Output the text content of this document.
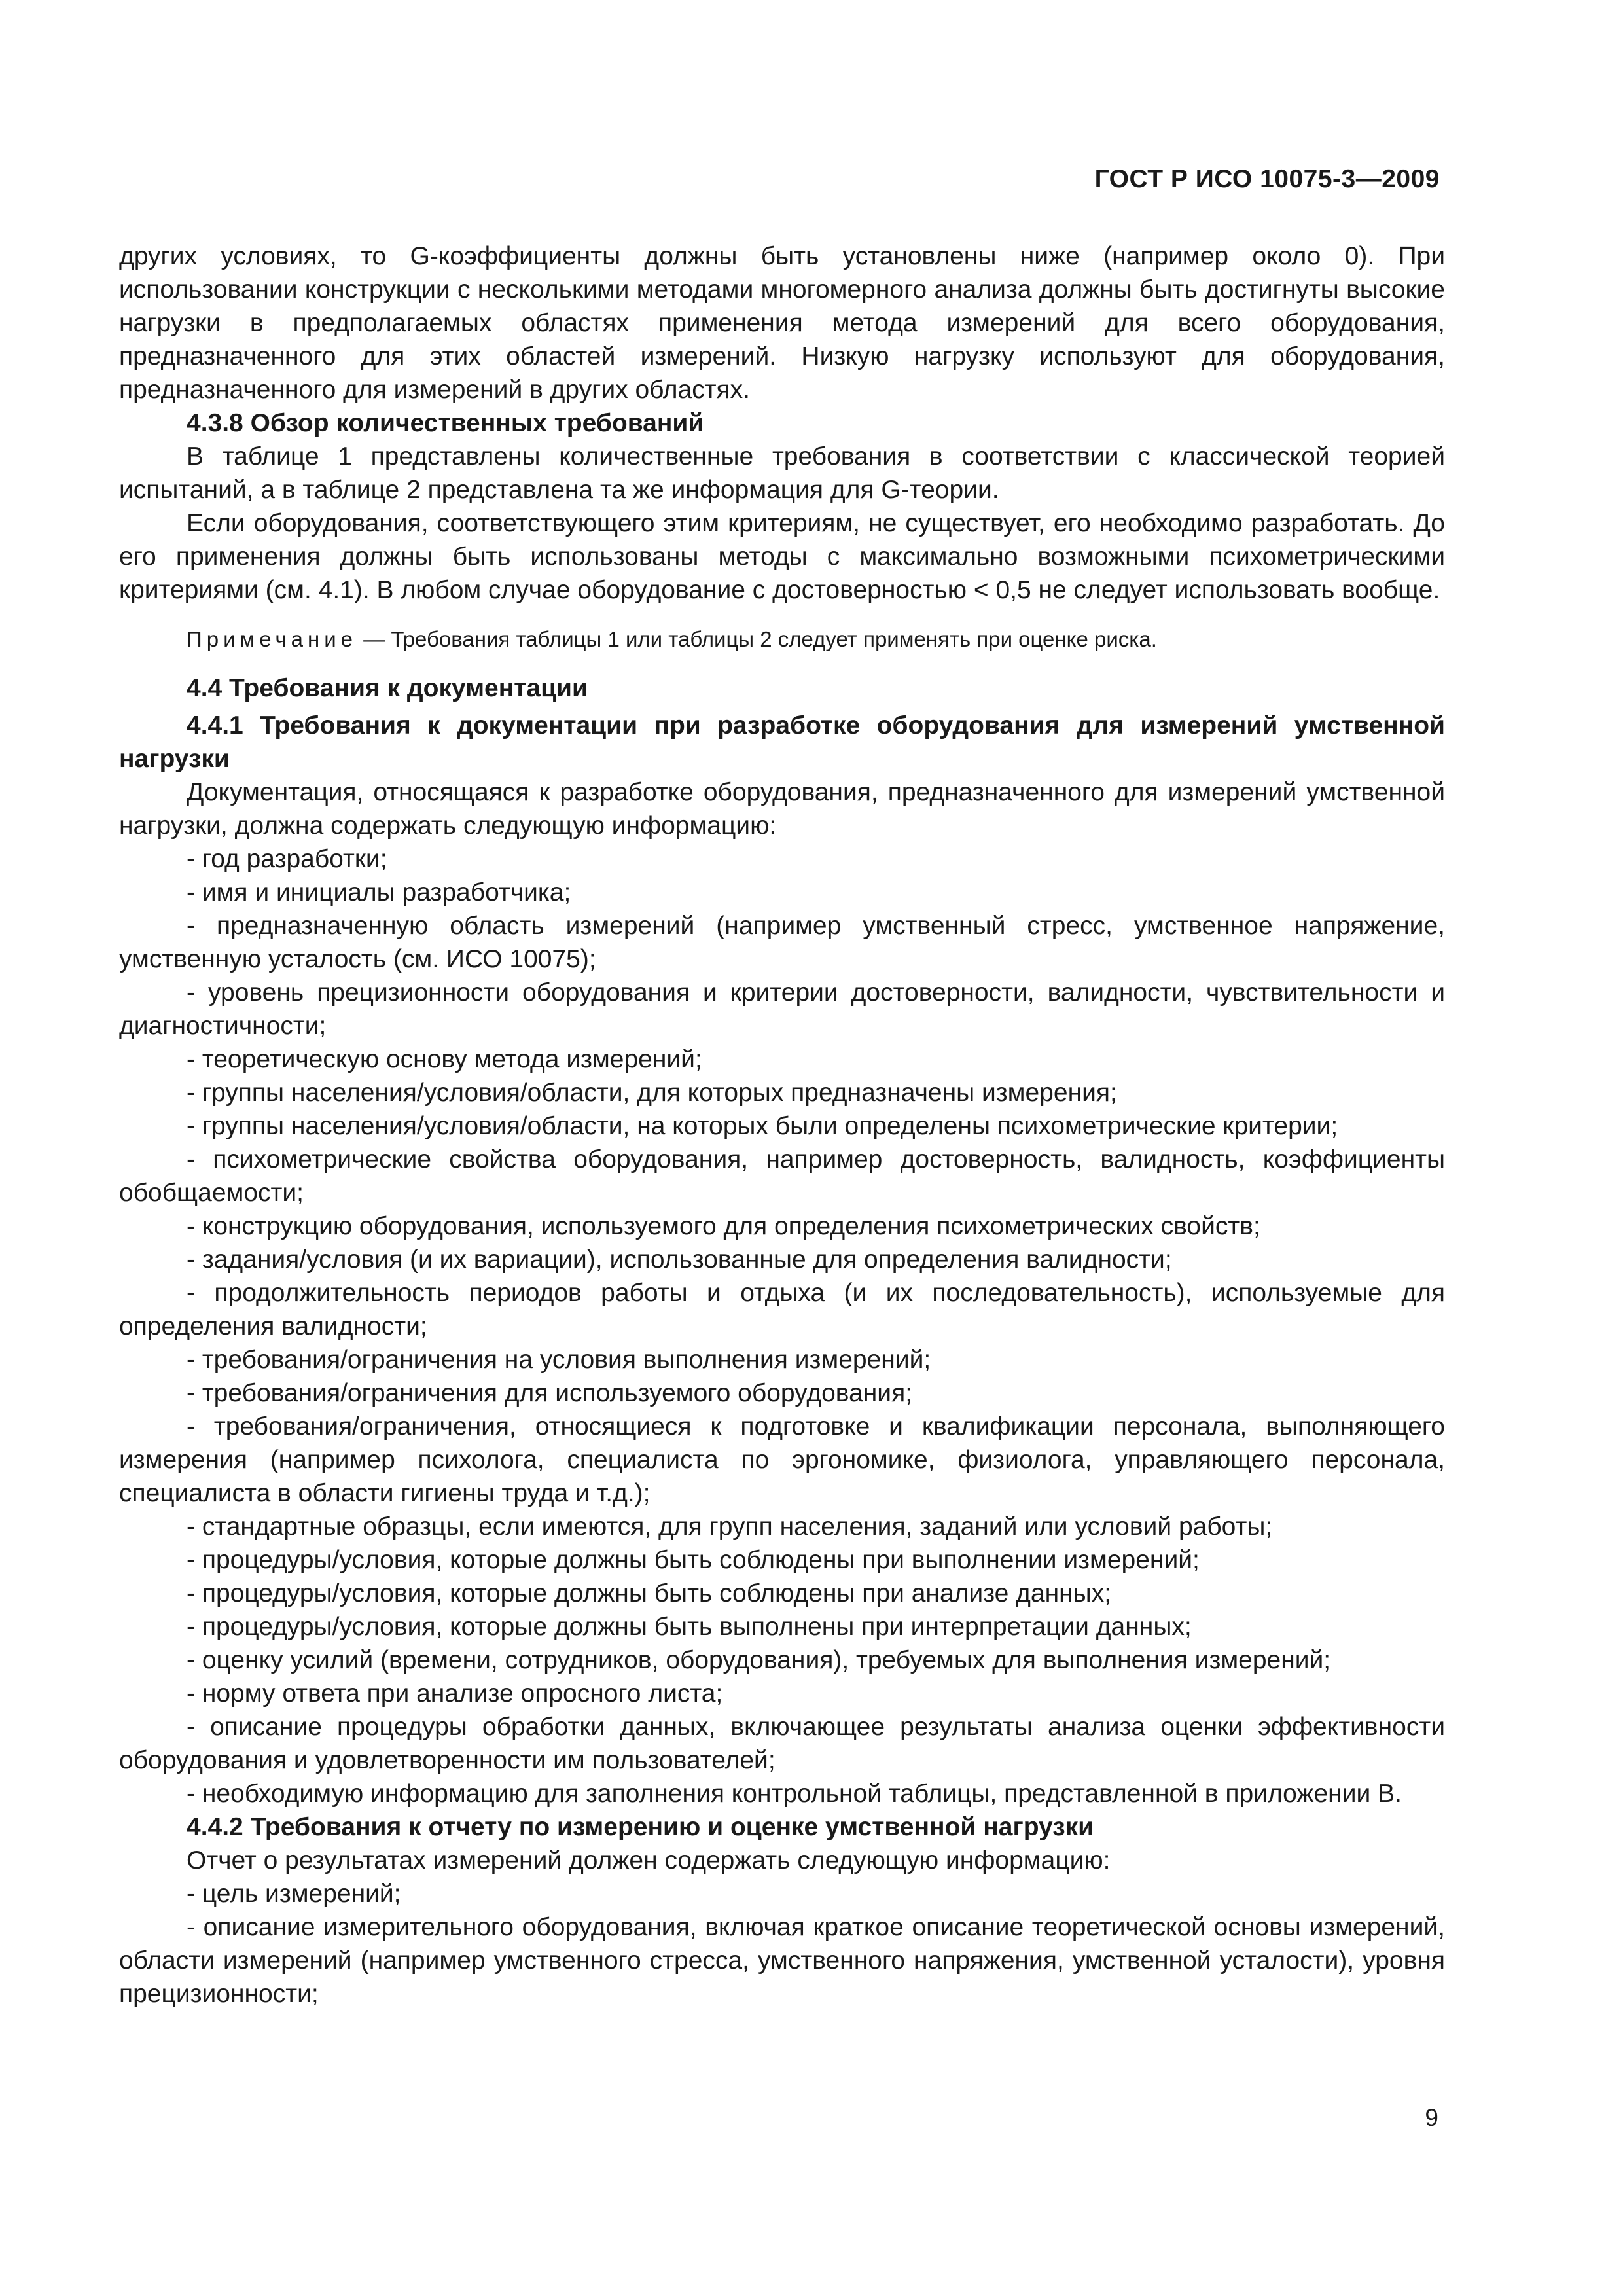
ГОСТ Р ИСО 10075-3—2009

других условиях, то G-коэффициенты должны быть установлены ниже (например около 0). При использовании конструкции с несколькими методами многомерного анализа должны быть достигнуты высокие нагрузки в предполагаемых областях применения метода измерений для всего оборудования, предназначенного для этих областей измерений. Низкую нагрузку используют для оборудования, предназначенного для измерений в других областях.

4.3.8 Обзор количественных требований

В таблице 1 представлены количественные требования в соответствии с классической теорией испытаний, а в таблице 2 представлена та же информация для G-теории.

Если оборудования, соответствующего этим критериям, не существует, его необходимо разработать. До его применения должны быть использованы методы с максимально возможными психометрическими критериями (см. 4.1). В любом случае оборудование с достоверностью < 0,5 не следует использовать вообще.

Примечание — Требования таблицы 1 или таблицы 2 следует применять при оценке риска.

4.4 Требования к документации

4.4.1 Требования к документации при разработке оборудования для измерений умственной нагрузки

Документация, относящаяся к разработке оборудования, предназначенного для измерений умственной нагрузки, должна содержать следующую информацию:

- год разработки;

- имя и инициалы разработчика;

- предназначенную область измерений (например умственный стресс, умственное напряжение, умственную усталость (см. ИСО 10075);

- уровень прецизионности оборудования и критерии достоверности, валидности, чувствительности и диагностичности;

- теоретическую основу метода измерений;

- группы населения/условия/области, для которых предназначены измерения;

- группы населения/условия/области, на которых были определены психометрические критерии;

- психометрические свойства оборудования, например достоверность, валидность, коэффициенты обобщаемости;

- конструкцию оборудования, используемого для определения психометрических свойств;

- задания/условия (и их вариации), использованные для определения валидности;

- продолжительность периодов работы и отдыха (и их последовательность), используемые для определения валидности;

- требования/ограничения на условия выполнения измерений;

- требования/ограничения для используемого оборудования;

- требования/ограничения, относящиеся к подготовке и квалификации персонала, выполняющего измерения (например психолога, специалиста по эргономике, физиолога, управляющего персонала, специалиста в области гигиены труда и т.д.);

- стандартные образцы, если имеются, для групп населения, заданий или условий работы;

- процедуры/условия, которые должны быть соблюдены при выполнении измерений;

- процедуры/условия, которые должны быть соблюдены при анализе данных;

- процедуры/условия, которые должны быть выполнены при интерпретации данных;

- оценку усилий (времени, сотрудников, оборудования), требуемых для выполнения измерений;

- норму ответа при анализе опросного листа;

- описание процедуры обработки данных, включающее результаты анализа оценки эффективности оборудования и удовлетворенности им пользователей;

- необходимую информацию для заполнения контрольной таблицы, представленной в приложении В.

4.4.2 Требования к отчету по измерению и оценке умственной нагрузки

Отчет о результатах измерений должен содержать следующую информацию:

- цель измерений;

- описание измерительного оборудования, включая краткое описание теоретической основы измерений, области измерений (например умственного стресса, умственного напряжения, умственной усталости), уровня прецизионности;

9
